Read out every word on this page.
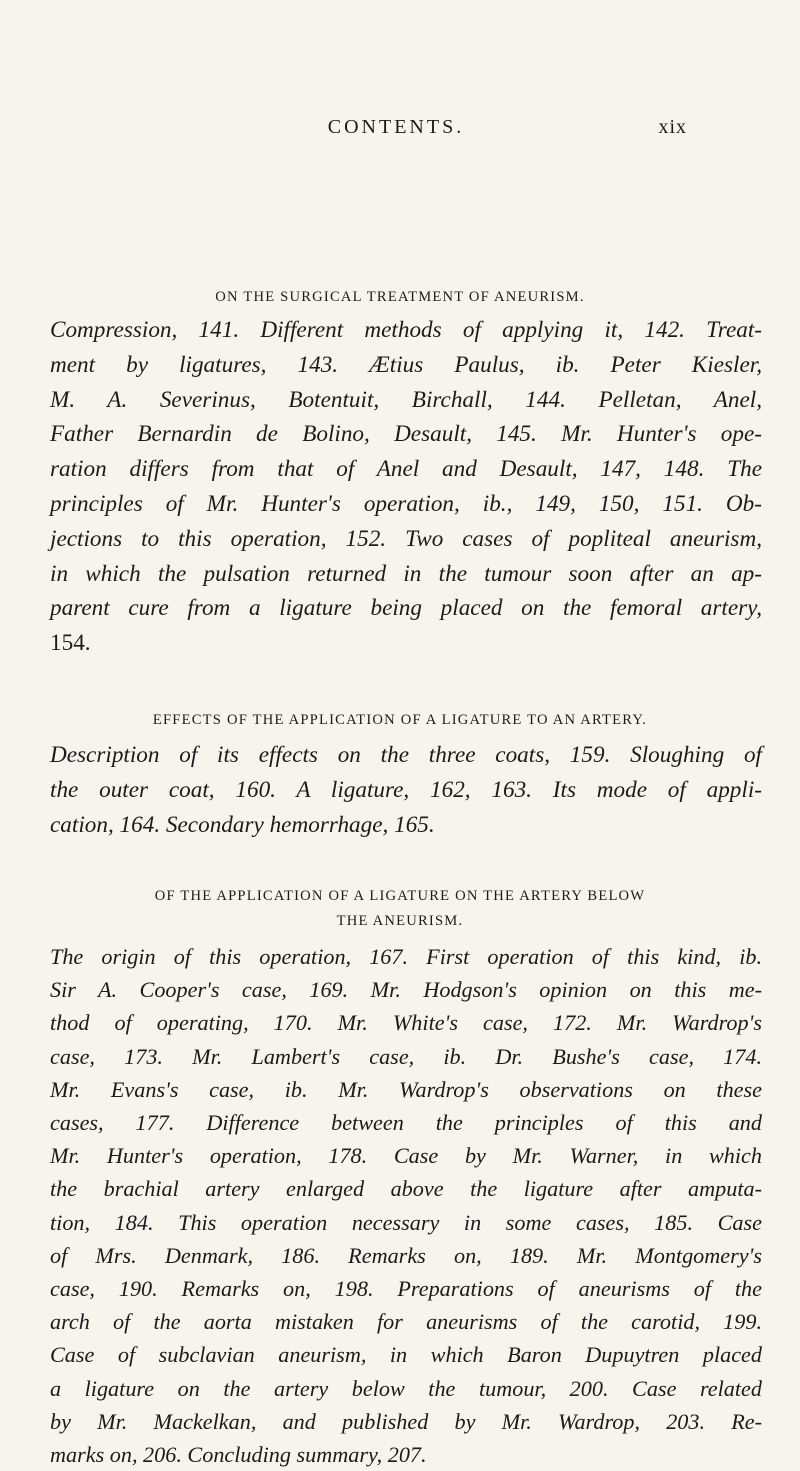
CONTENTS.	xix
ON THE SURGICAL TREATMENT OF ANEURISM.
Compression, 141. Different methods of applying it, 142. Treat-
ment by ligatures, 143. Ætius Paulus, ib. Peter Kiesler,
M. A. Severinus, Botentuit, Birchall, 144. Pelletan, Anel,
Father Bernardin de Bolino, Desault, 145. Mr. Hunter's ope-
ration differs from that of Anel and Desault, 147, 148. The
principles of Mr. Hunter's operation, ib., 149, 150, 151. Ob-
jections to this operation, 152. Two cases of popliteal aneurism,
in which the pulsation returned in the tumour soon after an ap-
parent cure from a ligature being placed on the femoral artery,
154.
EFFECTS OF THE APPLICATION OF A LIGATURE TO AN ARTERY.
Description of its effects on the three coats, 159. Sloughing of
the outer coat, 160. A ligature, 162, 163. Its mode of appli-
cation, 164. Secondary hemorrhage, 165.
OF THE APPLICATION OF A LIGATURE ON THE ARTERY BELOW
THE ANEURISM.
The origin of this operation, 167. First operation of this kind, ib.
Sir A. Cooper's case, 169. Mr. Hodgson's opinion on this me-
thod of operating, 170. Mr. White's case, 172. Mr. Wardrop's
case, 173. Mr. Lambert's case, ib. Dr. Bushe's case, 174.
Mr. Evans's case, ib. Mr. Wardrop's observations on these
cases, 177. Difference between the principles of this and
Mr. Hunter's operation, 178. Case by Mr. Warner, in which
the brachial artery enlarged above the ligature after amputa-
tion, 184. This operation necessary in some cases, 185. Case
of Mrs. Denmark, 186. Remarks on, 189. Mr. Montgomery's
case, 190. Remarks on, 198. Preparations of aneurisms of the
arch of the aorta mistaken for aneurisms of the carotid, 199.
Case of subclavian aneurism, in which Baron Dupuytren placed
a ligature on the artery below the tumour, 200. Case related
by Mr. Mackelkan, and published by Mr. Wardrop, 203. Re-
marks on, 206. Concluding summary, 207.
